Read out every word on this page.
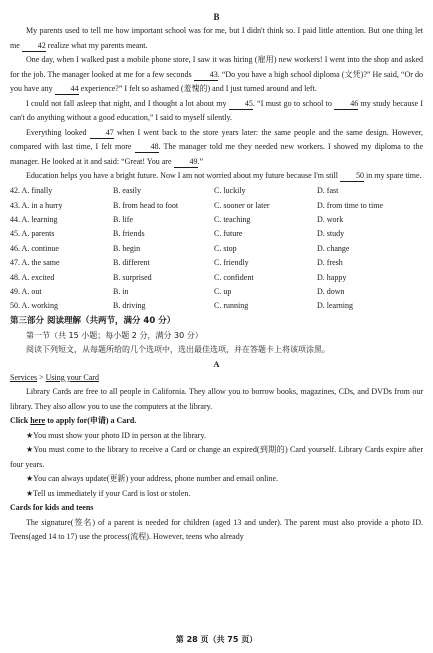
B

My parents used to tell me how important school was for me, but I didn't think so. I paid little attention. But one thing let me 42 realize what my parents meant.

One day, when I walked past a mobile phone store, I saw it was hiring (雇用) new workers! I went into the shop and asked for the job. The manager looked at me for a few seconds 43. “Do you have a high school diploma (文凭)?” He said, “Or do you have any 44 experience?” I felt so ashamed (羞愧的) and I just turned around and left.

I could not fall asleep that night, and I thought a lot about my 45. “I must go to school to 46 my study because I can't do anything without a good education,” I said to myself silently.

Everything looked 47 when I went back to the store years later: the same people and the same design. However, compared with last time, I felt more 48. The manager told me they needed new workers. I showed my diploma to the manager. He looked at it and said: “Great! You are 49.”

Education helps you have a bright future. Now I am not worried about my future because I'm still 50 in my spare time.

42. A. finally	B. easily	C. luckily	D. fast
43. A. in a hurry	B. from head to foot	C. sooner or later	D. from time to time
44. A. learning	B. life	C. teaching	D. work
45. A. parents	B. friends	C. future	D. study
46. A. continue	B. begin	C. stop	D. change
47. A. the same	B. different	C. friendly	D. fresh
48. A. excited	B. surprised	C. confident	D. happy
49. A. out	B. in	C. up	D. down
50. A. working	B. driving	C. running	D. learning
第三部分 阅读理解（共两节，满分 40 分）
第一节（共 15 小题；每小题 2 分，满分 30 分）
阅读下列短文，从每题所给的几个选项中，选出最佳选项，并在答题卡上将该项涂黑。
A

Services > Using your Card

Library Cards are free to all people in California. They allow you to borrow books, magazines, CDs, and DVDs from our library. They also allow you to use the computers at the library.

Click here to apply for(申请) a Card.

★You must show your photo ID in person at the library.

★You must come to the library to receive a Card or change an expired(到期的) Card yourself. Library Cards expire after four years.

★You can always update(更新) your address, phone number and email online.

★Tell us immediately if your Card is lost or stolen.

Cards for kids and teens

The signature(签名) of a parent is needed for children (aged 13 and under). The parent must also provide a photo ID. Teens(aged 14 to 17) use the process(流程). However, teens who already

第 28 页（共 75 页）
